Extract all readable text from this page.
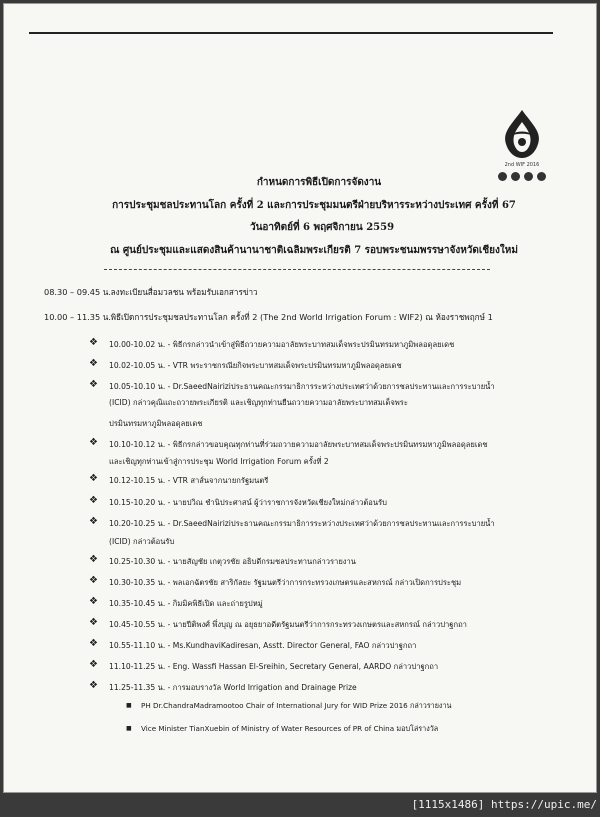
2nd WIF 2016
กำหนดการพิธีเปิดการจัดงาน
การประชุมชลประทานโลก ครั้งที่ 2 และการประชุมมนตรีฝ่ายบริหารระหว่างประเทศ ครั้งที่ 67
วันอาทิตย์ที่ 6 พฤศจิกายน 2559
ณ ศูนย์ประชุมและแสดงสินค้านานาชาติเฉลิมพระเกียรติ 7 รอบพระชนมพรรษาจังหวัดเชียงใหม่
08.30 – 09.45 น. ลงทะเบียนสื่อมวลชน พร้อมรับเอกสารข่าว
10.00 – 11.35 น. พิธีเปิดการประชุมชลประทานโลก ครั้งที่ 2 (The 2nd World Irrigation Forum : WIF2) ณ ห้องราชพฤกษ์ 1
❖ 10.00-10.02 น. - พิธีกรกล่าวนำเข้าสู่พิธีถวายความอาลัยพระบาทสมเด็จพระปรมินทรมหาภูมิพลอดุลยเดช
❖ 10.02-10.05 น. - VTR พระราชกรณียกิจพระบาทสมเด็จพระปรมินทรมหาภูมิพลอดุลยเดช
❖ 10.05-10.10 น. - Dr.SaeedNairiziประธานคณะกรรมาธิการระหว่างประเทศว่าด้วยการชลประทานและการระบายน้ำ
(ICID) กล่าวคุณิแถะถวายพระเกียรติ และเชิญทุกท่านยืนถวายความอาลัยพระบาทสมเด็จพระ
ปรมินทรมหาภูมิพลอดุลยเดช
❖ 10.10-10.12 น. - พิธีกรกล่าวขอบคุณทุกท่านที่ร่วมถวายความอาลัยพระบาทสมเด็จพระปรมินทรมหาภูมิพลอดุลยเดช
และเชิญทุกท่านเข้าสู่การประชุม World Irrigation Forum ครั้งที่ 2
❖ 10.12-10.15 น. - VTR สาส์นจากนายกรัฐมนตรี
❖ 10.15-10.20 น. - นายปวิณ ชำนิประศาสน์ ผู้ว่าราชการจังหวัดเชียงใหม่กล่าวต้อนรับ
❖ 10.20-10.25 น. - Dr.SaeedNairiziประธานคณะกรรมาธิการระหว่างประเทศว่าด้วยการชลประทานและการระบายน้ำ
(ICID) กล่าวต้อนรับ
❖ 10.25-10.30 น. - นายสัญชัย เกตุวรชัย อธิบดีกรมชลประทานกล่าวรายงาน
❖ 10.30-10.35 น. - พลเอกฉัตรชัย สาริกัลยะ รัฐมนตรีว่าการกระทรวงเกษตรและสหกรณ์ กล่าวเปิดการประชุม
❖ 10.35-10.45 น. - กิมมิคพิธีเปิด และถ่ายรูปหมู่
❖ 10.45-10.55 น. - นายปีติพงศ์ พึ่งบุญ ณ อยุธยาอดีตรัฐมนตรีว่าการกระทรวงเกษตรและสหกรณ์ กล่าวปาฐกถา
❖ 10.55-11.10 น. - Ms.KundhaviKadiresan, Asstt. Director General, FAO กล่าวปาฐกถา
❖ 11.10-11.25 น. - Eng. Wassfi Hassan El-Sreihin, Secretary General, AARDO กล่าวปาฐกถา
❖ 11.25-11.35 น. - การมอบรางวัล World Irrigation and Drainage Prize
■ PH Dr.ChandraMadramootoo Chair of International Jury for WID Prize 2016 กล่าวรายงาน
■ Vice Minister TianXuebin of Ministry of Water Resources of PR of China มอบโล่รางวัล
[1115x1486] https://upic.me/
